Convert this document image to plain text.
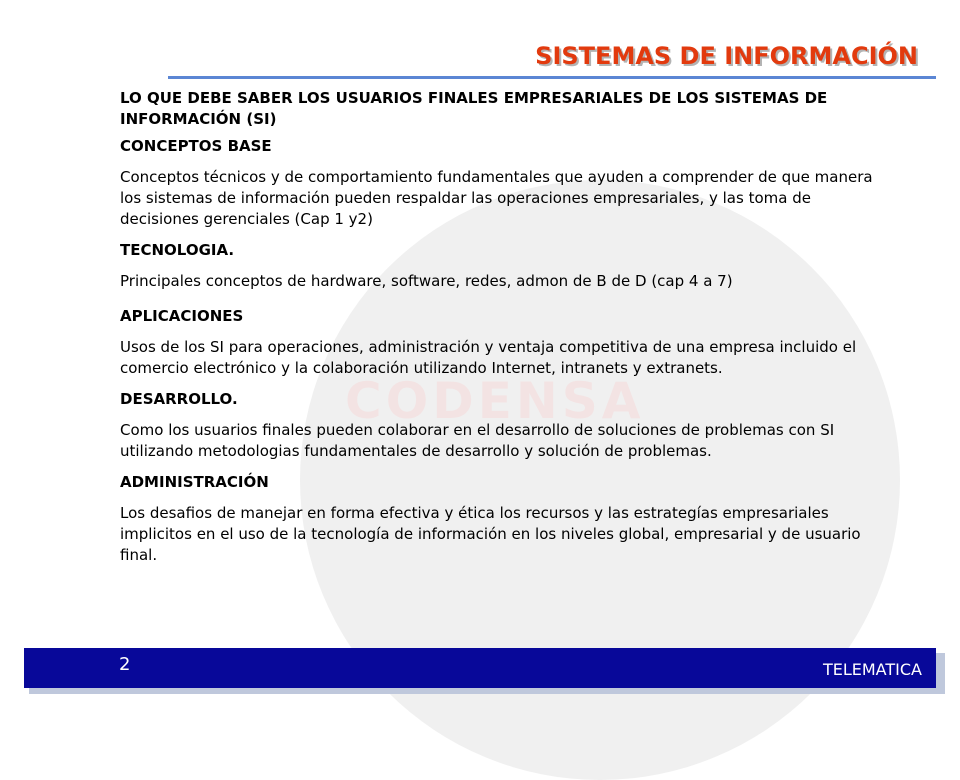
CODENSA
SISTEMAS DE INFORMACIÓN

LO QUE DEBE SABER LOS USUARIOS FINALES EMPRESARIALES DE LOS SISTEMAS DE INFORMACIÓN (SI)

CONCEPTOS BASE

Conceptos técnicos y de comportamiento fundamentales que ayuden a comprender de que manera los sistemas de información pueden respaldar las operaciones empresariales, y las toma de decisiones gerenciales (Cap 1 y2)

TECNOLOGIA.

Principales conceptos de hardware, software, redes, admon de B de D (cap 4 a 7)

APLICACIONES

Usos de los SI para operaciones, administración y ventaja competitiva de una empresa incluido el comercio electrónico y la colaboración utilizando Internet, intranets y extranets.

DESARROLLO.

Como los usuarios finales pueden colaborar en el desarrollo de soluciones de problemas con SI utilizando metodologias fundamentales de desarrollo y solución de problemas.

ADMINISTRACIÓN

Los desafios de manejar en forma efectiva y ética los recursos y las estrategías empresariales implicitos en el uso de la tecnología de información en los niveles global, empresarial y de usuario final.

2	TELEMATICA
